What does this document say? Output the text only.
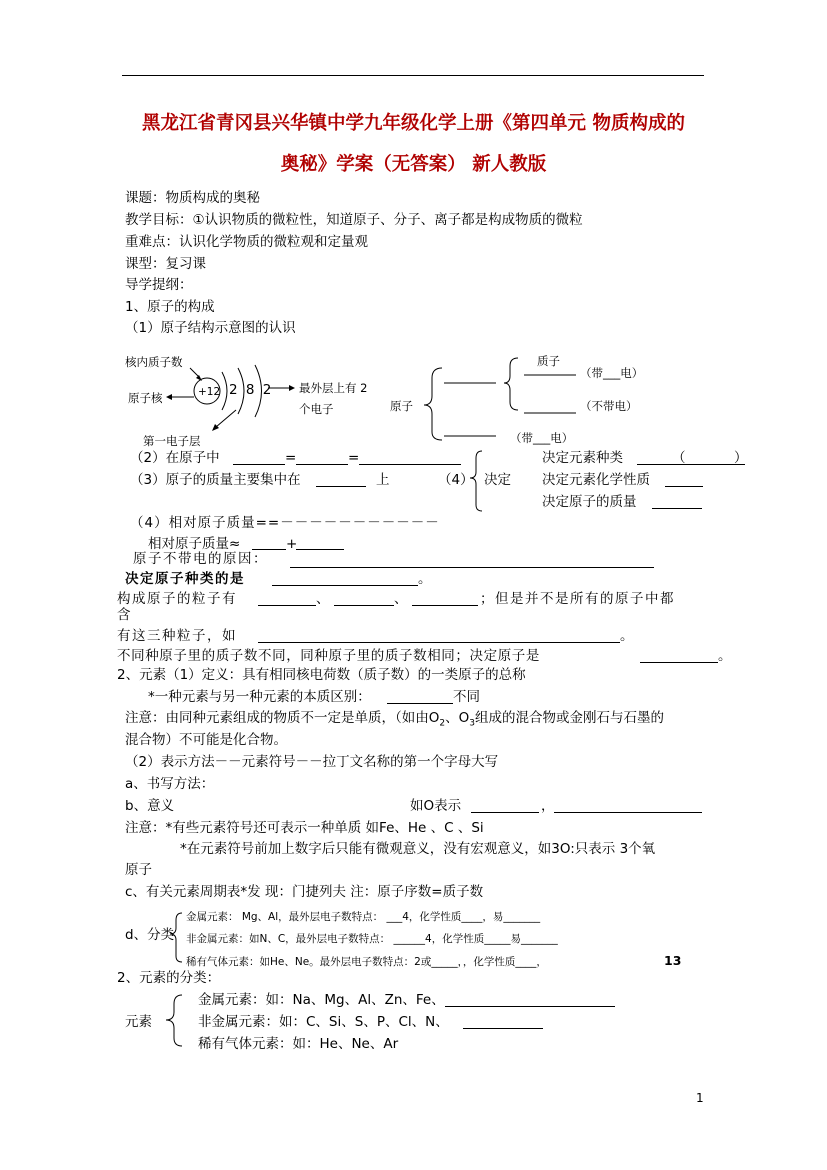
黑龙江省青冈县兴华镇中学九年级化学上册《第四单元 物质构成的
奥秘》学案（无答案） 新人教版
课题：物质构成的奥秘
教学目标：①认识物质的微粒性，知道原子、分子、离子都是构成物质的微粒
重难点：认识化学物质的微粒观和定量观
课型：复习课
导学提纲：
1、原子的构成
（1）原子结构示意图的认识
核内质子数
原子核	+12 2 8 2 最外层上有 2
个电子
第一电子层
原子
质子
（带___电）
（不带电）
（带___电）
（2）在原子中	=	=
（3）原子的质量主要集中在	上	（4） 决定
决定元素种类	（	）
决定元素化学性质
决定原子的质量
（4）相对原子质量==－－－－－－－－－－－
相对原子质量≈	+
原子不带电的原因：
决定原子种类的是	。
构成原子的粒子有	、	、	；但是并不是所有的原子中都
含
有这三种粒子，如	。
不同种原子里的质子数不同，同种原子里的质子数相同；决定原子是	。
2、元素（1）定义：具有相同核电荷数（质子数）的一类原子的总称
*一种元素与另一种元素的本质区别：	不同
注意：由同种元素组成的物质不一定是单质，（如由$O_2$、$O_3$组成的混合物或金刚石与石墨的
混合物）不可能是化合物。
（2）表示方法－－元素符号－－拉丁文名称的第一个字母大写
a、书写方法：
b、意义	如O表示	，
注意：*有些元素符号还可表示一种单质 如Fe、He 、C 、Si
*在元素符号前加上数字后只能有微观意义，没有宏观意义，如3O:只表示 3个氧
原子
c、有关元素周期表*发 现：门捷列夫 注：原子序数=质子数
d、分类
金属元素： Mg、Al，最外层电子数特点： ___4，化学性质____，易_______
非金属元素：如N、C，最外层电子数特点： ______4，化学性质_____易_______
稀有气体元素：如He、Ne。最外层电子数特点：2或_____，，化学性质____，	13
2、元素的分类：
元素
金属元素：如：Na、Mg、Al、Zn、Fe、
非金属元素：如：C、Si、S、P、Cl、N、
稀有气体元素：如：He、Ne、Ar
1
